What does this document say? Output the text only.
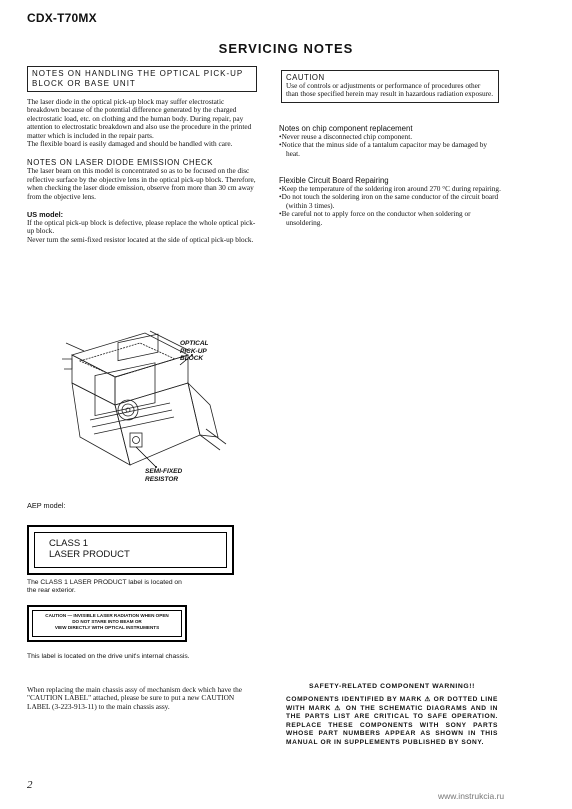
CDX-T70MX
SERVICING NOTES
NOTES ON HANDLING THE OPTICAL PICK-UP BLOCK OR BASE UNIT

The laser diode in the optical pick-up block may suffer electrostatic breakdown because of the potential difference generated by the charged electrostatic load, etc. on clothing and the human body. During repair, pay attention to electrostatic breakdown and also use the procedure in the printed matter which is included in the repair parts.

The flexible board is easily damaged and should be handled with care.

NOTES ON LASER DIODE EMISSION CHECK

The laser beam on this model is concentrated so as to be focused on the disc reflective surface by the objective lens in the optical pick-up block. Therefore, when checking the laser diode emission, observe from more than 30 cm away from the objective lens.

US model:

If the optical pick-up block is defective, please replace the whole optical pick-up block.

Never turn the semi-fixed resistor located at the side of optical pick-up block.

OPTICAL
PICK-UP
BLOCK
SEMI-FIXED
RESISTOR
AEP model:
CLASS 1
LASER PRODUCT
The CLASS 1 LASER PRODUCT label is located on the rear exterior.
CAUTION — INVISIBLE LASER RADIATION WHEN OPEN
DO NOT STARE INTO BEAM OR
VIEW DIRECTLY WITH OPTICAL INSTRUMENTS
This label is located on the drive unit's internal chassis.

When replacing the main chassis assy of mechanism deck which have the "CAUTION LABEL" attached, please be sure to put a new CAUTION LABEL (3-223-913-11) to the main chassis assy.

CAUTION

Use of controls or adjustments or performance of procedures other than those specified herein may result in hazardous radiation exposure.

Notes on chip component replacement
• Never reuse a disconnected chip component.
• Notice that the minus side of a tantalum capacitor may be damaged by heat.
Flexible Circuit Board Repairing
• Keep the temperature of the soldering iron around 270 °C during repairing.
• Do not touch the soldering iron on the same conductor of the circuit board (within 3 times).
• Be careful not to apply force on the conductor when soldering or unsoldering.
SAFETY-RELATED COMPONENT WARNING!!

COMPONENTS IDENTIFIED BY MARK ⚠ OR DOTTED LINE WITH MARK ⚠ ON THE SCHEMATIC DIAGRAMS AND IN THE PARTS LIST ARE CRITICAL TO SAFE OPERATION. REPLACE THESE COMPONENTS WITH SONY PARTS WHOSE PART NUMBERS APPEAR AS SHOWN IN THIS MANUAL OR IN SUPPLEMENTS PUBLISHED BY SONY.

2
www.instrukcia.ru
